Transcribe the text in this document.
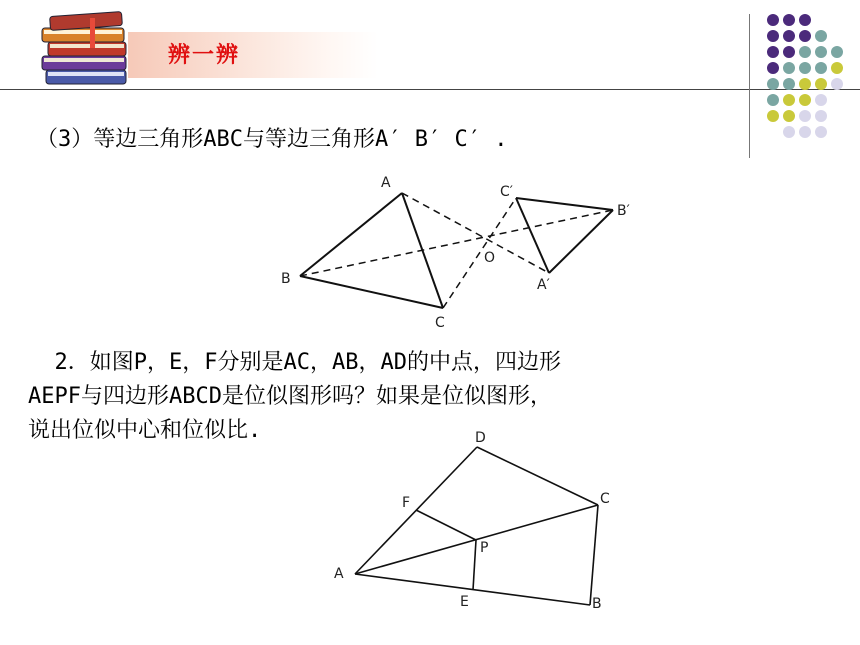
辨一辨
（3）等边三角形ABC与等边三角形A′ B′ C′ .
A
B
C
O
C′
B′
A′
2．如图P，E，F分别是AC，AB，AD的中点，四边形
AEPF与四边形ABCD是位似图形吗？如果是位似图形，
说出位似中心和位似比.	D
C
F
P
A
E	B
